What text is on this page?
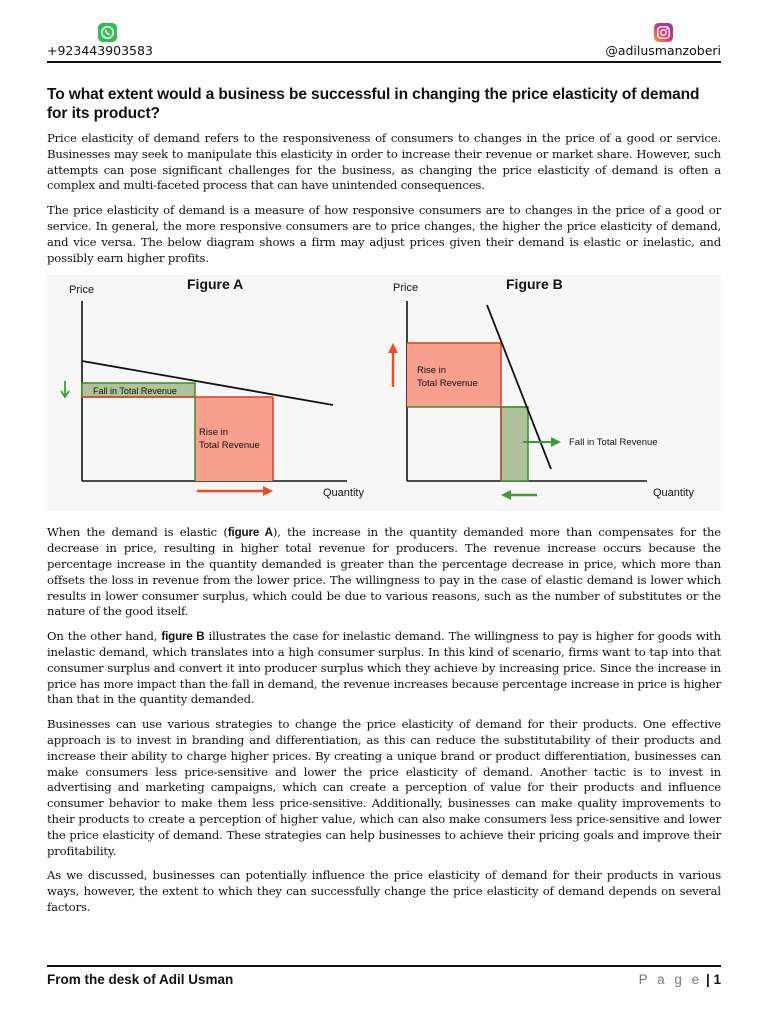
+923443903583	@adilusmanzoberi
To what extent would a business be successful in changing the price elasticity of demand for its product?

Price elasticity of demand refers to the responsiveness of consumers to changes in the price of a good or service. Businesses may seek to manipulate this elasticity in order to increase their revenue or market share. However, such attempts can pose significant challenges for the business, as changing the price elasticity of demand is often a complex and multi-faceted process that can have unintended consequences.

The price elasticity of demand is a measure of how responsive consumers are to changes in the price of a good or service. In general, the more responsive consumers are to price changes, the higher the price elasticity of demand, and vice versa. The below diagram shows a firm may adjust prices given their demand is elastic or inelastic, and possibly earn higher profits.

Price	Figure A
Fall in Total Revenue
Rise in
Total Revenue
Quantity
Price	Figure B
Rise in
Total Revenue
Fall in Total Revenue
Quantity

When the demand is elastic (figure A), the increase in the quantity demanded more than compensates for the decrease in price, resulting in higher total revenue for producers. The revenue increase occurs because the percentage increase in the quantity demanded is greater than the percentage decrease in price, which more than offsets the loss in revenue from the lower price. The willingness to pay in the case of elastic demand is lower which results in lower consumer surplus, which could be due to various reasons, such as the number of substitutes or the nature of the good itself.

On the other hand, figure B illustrates the case for inelastic demand. The willingness to pay is higher for goods with inelastic demand, which translates into a high consumer surplus. In this kind of scenario, firms want to tap into that consumer surplus and convert it into producer surplus which they achieve by increasing price. Since the increase in price has more impact than the fall in demand, the revenue increases because percentage increase in price is higher than that in the quantity demanded.

Businesses can use various strategies to change the price elasticity of demand for their products. One effective approach is to invest in branding and differentiation, as this can reduce the substitutability of their products and increase their ability to charge higher prices. By creating a unique brand or product differentiation, businesses can make consumers less price-sensitive and lower the price elasticity of demand. Another tactic is to invest in advertising and marketing campaigns, which can create a perception of value for their products and influence consumer behavior to make them less price-sensitive. Additionally, businesses can make quality improvements to their products to create a perception of higher value, which can also make consumers less price-sensitive and lower the price elasticity of demand. These strategies can help businesses to achieve their pricing goals and improve their profitability.

As we discussed, businesses can potentially influence the price elasticity of demand for their products in various ways, however, the extent to which they can successfully change the price elasticity of demand depends on several factors.

From the desk of Adil Usman	P a g e | 1
